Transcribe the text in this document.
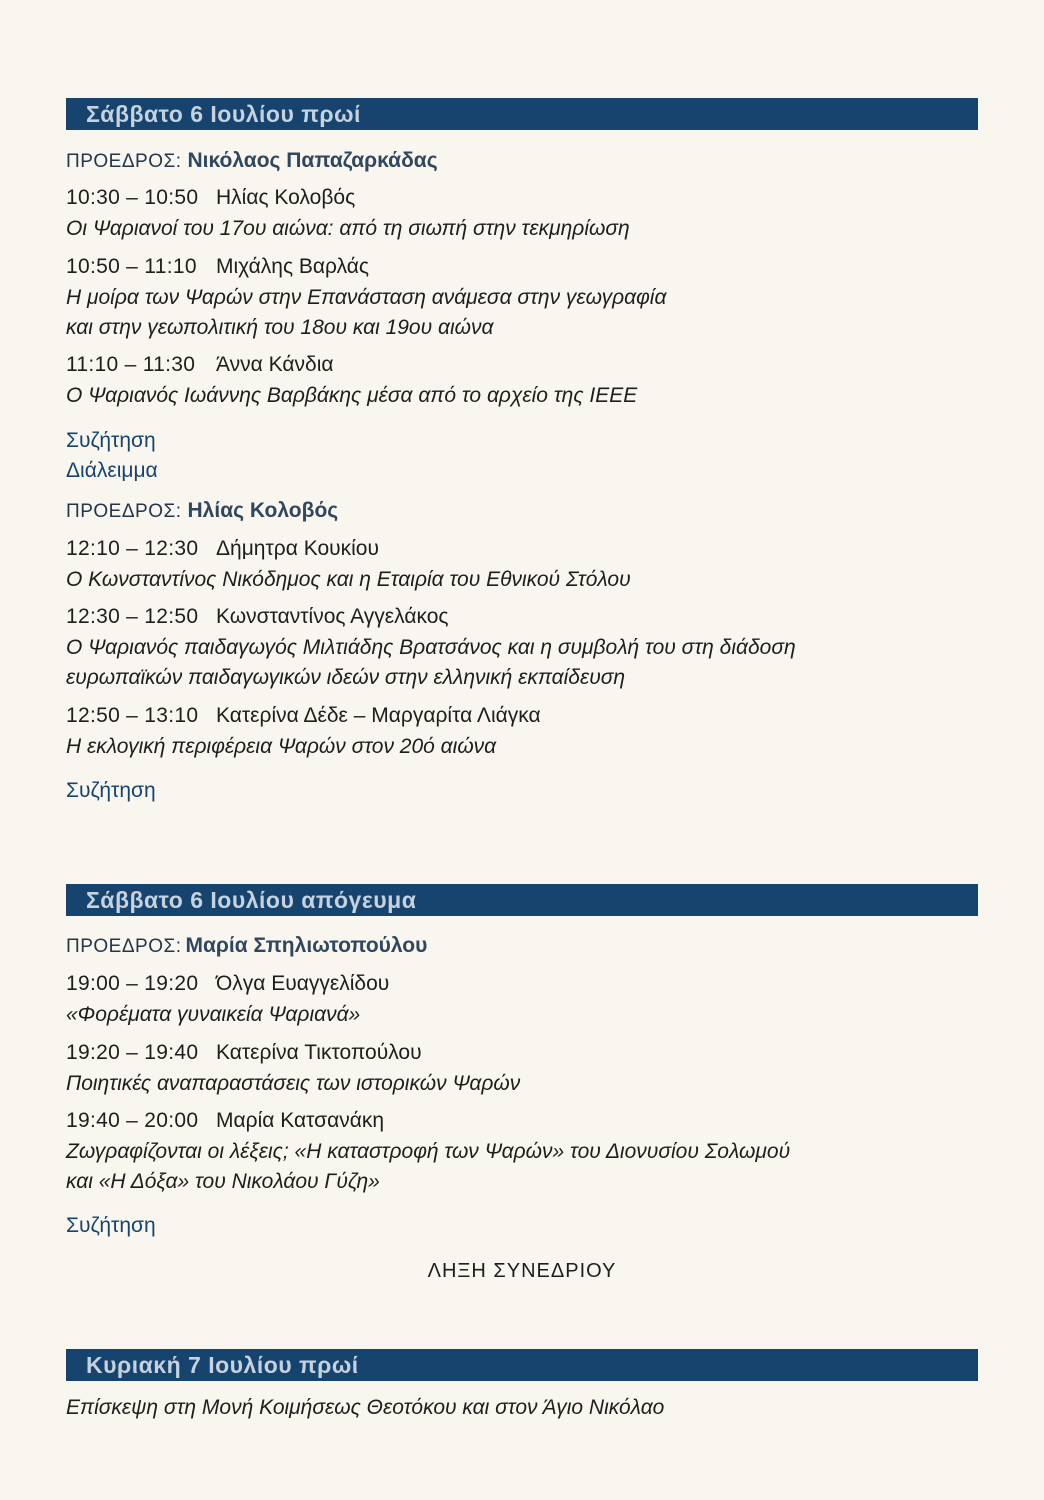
Σάββατο 6 Ιουλίου πρωί
ΠΡΟΕΔΡΟΣ: Νικόλαος Παπαζαρκάδας
10:30 – 10:50 Ηλίας Κολοβός
Οι Ψαριανοί του 17ου αιώνα: από τη σιωπή στην τεκμηρίωση
10:50 – 11:10 Μιχάλης Βαρλάς
Η μοίρα των Ψαρών στην Επανάσταση ανάμεσα στην γεωγραφία
και στην γεωπολιτική του 18ου και 19ου αιώνα
11:10 – 11:30 Άννα Κάνδια
Ο Ψαριανός Ιωάννης Βαρβάκης μέσα από το αρχείο της ΙΕΕΕ
Συζήτηση
Διάλειμμα
ΠΡΟΕΔΡΟΣ: Ηλίας Κολοβός
12:10 – 12:30 Δήμητρα Κουκίου
Ο Κωνσταντίνος Νικόδημος και η Εταιρία του Εθνικού Στόλου
12:30 – 12:50 Κωνσταντίνος Αγγελάκος
Ο Ψαριανός παιδαγωγός Μιλτιάδης Βρατσάνος και η συμβολή του στη διάδοση
ευρωπαϊκών παιδαγωγικών ιδεών στην ελληνική εκπαίδευση
12:50 – 13:10 Κατερίνα Δέδε – Μαργαρίτα Λιάγκα
Η εκλογική περιφέρεια Ψαρών στον 20ό αιώνα
Συζήτηση
Σάββατο 6 Ιουλίου απόγευμα
ΠΡΟΕΔΡΟΣ: Μαρία Σπηλιωτοπούλου
19:00 – 19:20 Όλγα Ευαγγελίδου
«Φορέματα γυναικεία Ψαριανά»
19:20 – 19:40 Κατερίνα Τικτοπούλου
Ποιητικές αναπαραστάσεις των ιστορικών Ψαρών
19:40 – 20:00 Μαρία Κατσανάκη
Ζωγραφίζονται οι λέξεις; «Η καταστροφή των Ψαρών» του Διονυσίου Σολωμού
και «Η Δόξα» του Νικολάου Γύζη»
Συζήτηση
ΛΗΞΗ ΣΥΝΕΔΡΙΟΥ
Κυριακή 7 Ιουλίου πρωί
Επίσκεψη στη Μονή Κοιμήσεως Θεοτόκου και στον Άγιο Νικόλαο
